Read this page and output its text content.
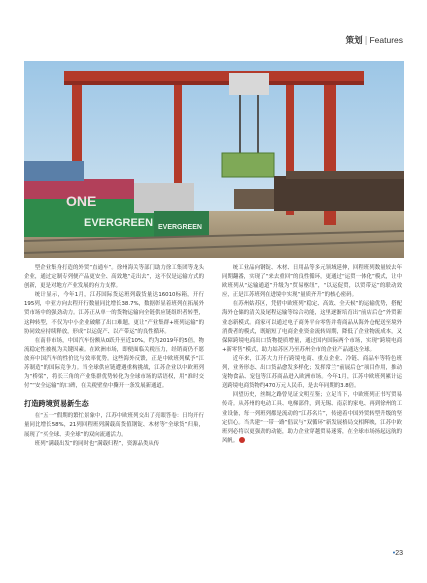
策划 | Features
ONE
EVERGREEN EVERGREEN

型企业集身打造的外贸“直通车”。徐州海关等部门助力徐工集团等龙头企业，通过定制专列便产品更安全、高效地“走出去”，这不仅是运输方式的创新，更是对地方产业发展的有力支撑。

统计显示，今年1月，江苏国际货运班列载货量达16010标箱，开行195列，中亚方向去程开行数量同比增长38.7%，数据彰显着班列在拓展外贸市场中的强劲动力。江苏正从单一的货物运输向全链供应链组织者转型，这种转型，不仅为中小企业破解了出口难题，更让“产业集群+班列运输”的协同效应持续释放，形成“以运促产、以产带运”的良性循环。

在南非市场，中国汽车份额从0跃升至近10%，约为2019年的5倍，物流稳定性被视为关键因素。在欧洲市场，即便面临关税压力，经销商仍不愿放弃中国汽车的性价比与效率优势。这些海外反馈，正是中欧班列赋予“江苏制造”的国际竞争力。当全球供应链遭遇重构挑战，江苏企业以中欧班列为“桥梁”，将长三角的产业集群优势转化为全球市场的话语权，用“准时交付”“安全运输”的口碑，在关税壁垒中撕开一条发展新通道。

打造跨境贸易新生态

在“五一”假期的繁忙景象中，江苏中欧班列交出了亮眼答卷：日均开行量同比增长58%，21列回程班列满载高货值钢锭、木材等“全球货”归巢，展现了“买全球、卖全球”的双向流通活力。

班列“满载出发”的同时也“满载归程”，资源品类从传

统工业品向钢锭、木材、日用品等多元领域延伸，回程班列数量较去年同期翻番，实现了“来去重回”的良性循环，更通过“运贸一体化”模式，让中欧班列从“运输通道”升级为“贸易枢纽”，“以运促贸，以贸带运”的联动效应，正是江苏班列在进境中实现“量质齐升”的核心密码。

在苏州姑苏区，凭借中欧班列“稳定、高效、全天候”的运输优势，搭配海外仓储的清关及尾程运输等综合功能，这里逐渐培育出“前店后仓”外贸新业态新模式。商家可以通过电子商务平台零售并将商品从海外仓配送至境外消费者的模式，既缩短了电商企业资金流转周期，降低了企业物流成本，又保障跨境电商出口货物提质增量，通过国内国际两个市场，实现“跨境电商+新零售”模式，助力姑苏区乃至苏州全市的企业产品通达全球。

近年来，江苏大力开行跨境电商、重点企业、冷链、商品车等特色班列，业务形态、出口货品愈发多样化；发挥常兰“前展后仓”项目作用，推动宠物食品、宠包等江苏商品进入欧洲市场。今年1月，江苏中欧班列累计运送跨境电商货物约470万元人民币，是去年同期的3.8倍。

回望历史，丝绸之路曾见证文明互鉴；立足当下，中欧班列正书写贸易传奇。从苏州的电动工具、电梯部件，到无锡、南京的家电、再到徐州的工业设备，每一列班列都是流动的“江苏名片”，传递着中国外贸转型升级的坚定信心。当共建“一带一路”倡议与“双循环”新发展格局交相辉映，江苏中欧班列必将以更强劲的动能，助力企业穿越贸易迷雾，在全球市场扬起远航的风帆。

•23
